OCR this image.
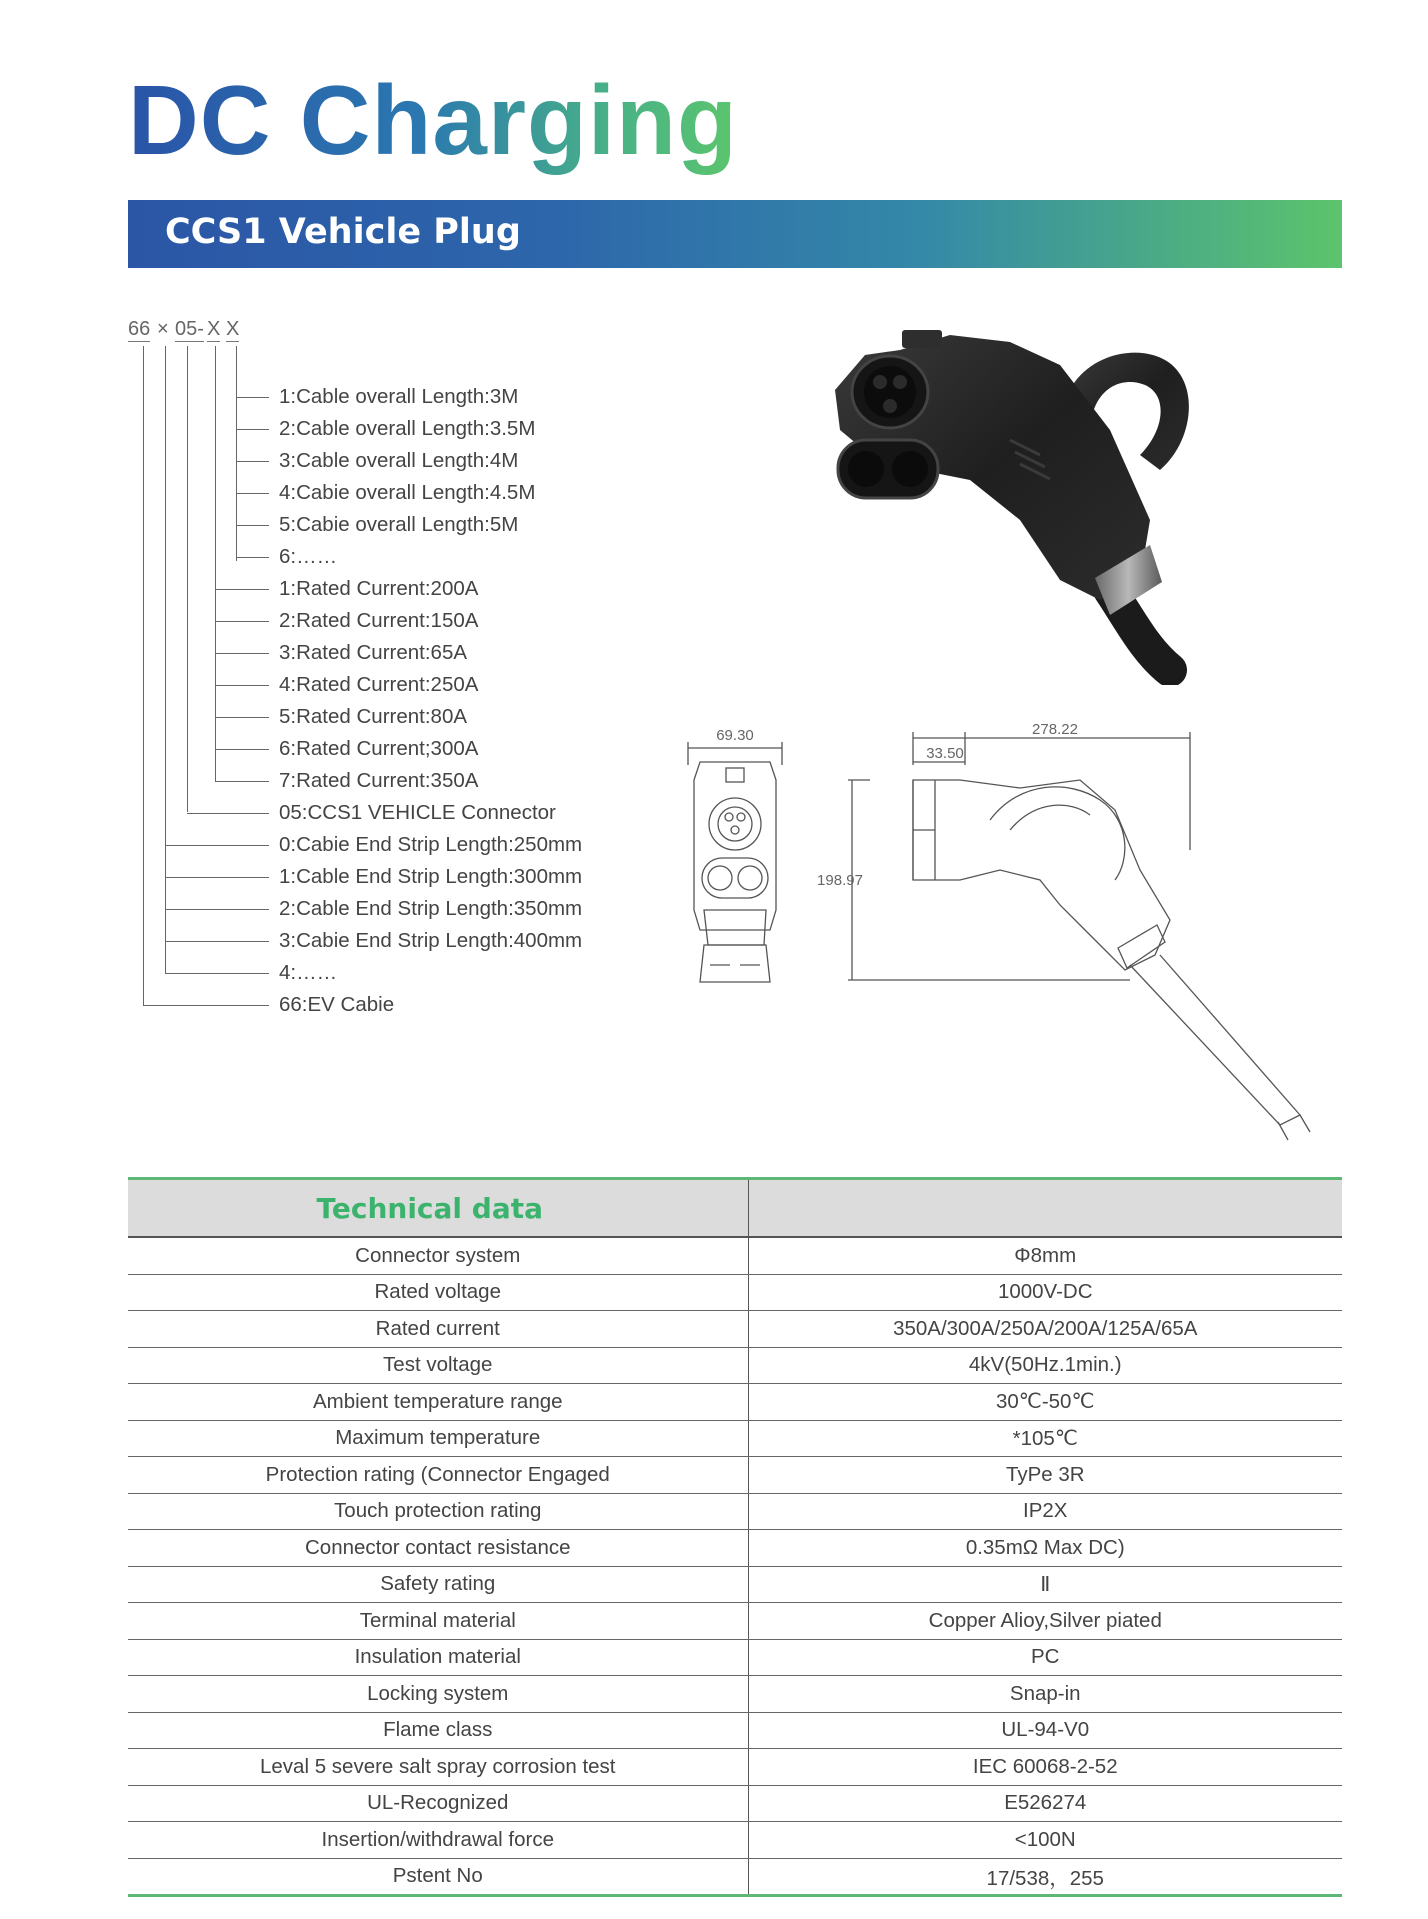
DC Charging
CCS1 Vehicle Plug
66 × 05- X X
1:Cable overall Length:3M
2:Cable overall Length:3.5M
3:Cable overall Length:4M
4:Cabie overall Length:4.5M
5:Cabie overall Length:5M
6:……
1:Rated Current:200A
2:Rated Current:150A
3:Rated Current:65A
4:Rated Current:250A
5:Rated Current:80A
6:Rated Current;300A
7:Rated Current:350A
05:CCS1 VEHICLE Connector
0:Cabie End Strip Length:250mm
1:Cable End Strip Length:300mm
2:Cable End Strip Length:350mm
3:Cabie End Strip Length:400mm
4:……
66:EV Cabie
69.30	278.22
33.50
198.97
Technical data	
Connector system	Φ8mm
Rated voltage	1000V-DC
Rated current	350A/300A/250A/200A/125A/65A
Test voltage	4kV(50Hz.1min.)
Ambient temperature range	30℃-50℃
Maximum temperature	*105℃
Protection rating (Connector Engaged	TyPe 3R
Touch protection rating	IP2X
Connector contact resistance	0.35mΩ Max DC)
Safety rating	Ⅱ
Terminal material	Copper Alioy,Silver piated
Insulation material	PC
Locking system	Snap-in
Flame class	UL-94-V0
Leval 5 severe salt spray corrosion test	IEC 60068-2-52
UL-Recognized	E526274
Insertion/withdrawal force	<100N
Pstent No	17/538，255
